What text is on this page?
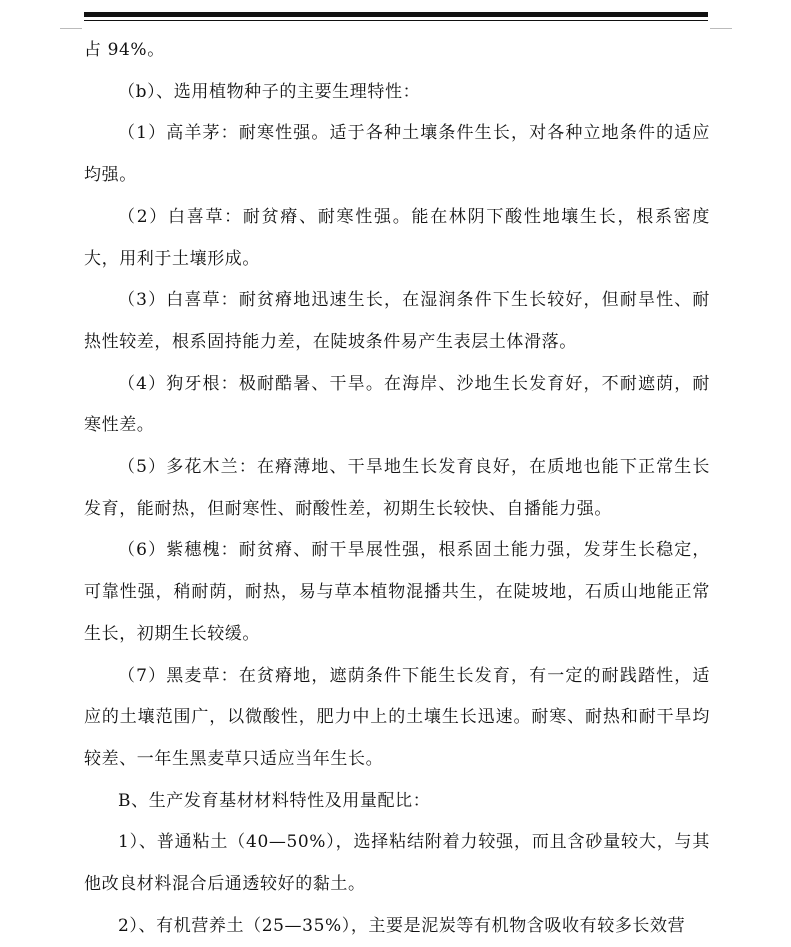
占 94%。

（b）、选用植物种子的主要生理特性：

（1）高羊茅：耐寒性强。适于各种土壤条件生长，对各种立地条件的适应均强。

（2）白喜草：耐贫瘠、耐寒性强。能在林阴下酸性地壤生长，根系密度大，用利于土壤形成。

（3）白喜草：耐贫瘠地迅速生长，在湿润条件下生长较好，但耐旱性、耐热性较差，根系固持能力差，在陡坡条件易产生表层土体滑落。

（4）狗牙根：极耐酷暑、干旱。在海岸、沙地生长发育好，不耐遮荫，耐寒性差。

（5）多花木兰：在瘠薄地、干旱地生长发育良好，在质地也能下正常生长发育，能耐热，但耐寒性、耐酸性差，初期生长较快、自播能力强。

（6）紫穗槐：耐贫瘠、耐干旱展性强，根系固土能力强，发芽生长稳定，可靠性强，稍耐荫，耐热，易与草本植物混播共生，在陡坡地，石质山地能正常生长，初期生长较缓。

（7）黑麦草：在贫瘠地，遮荫条件下能生长发育，有一定的耐践踏性，适应的土壤范围广，以微酸性，肥力中上的土壤生长迅速。耐寒、耐热和耐干旱均较差、一年生黑麦草只适应当年生长。

B、生产发育基材材料特性及用量配比：

1）、普通粘土（40—50%），选择粘结附着力较强，而且含砂量较大，与其他改良材料混合后通透较好的黏土。

2）、有机营养土（25—35%），主要是泥炭等有机物含吸收有较多长效营
